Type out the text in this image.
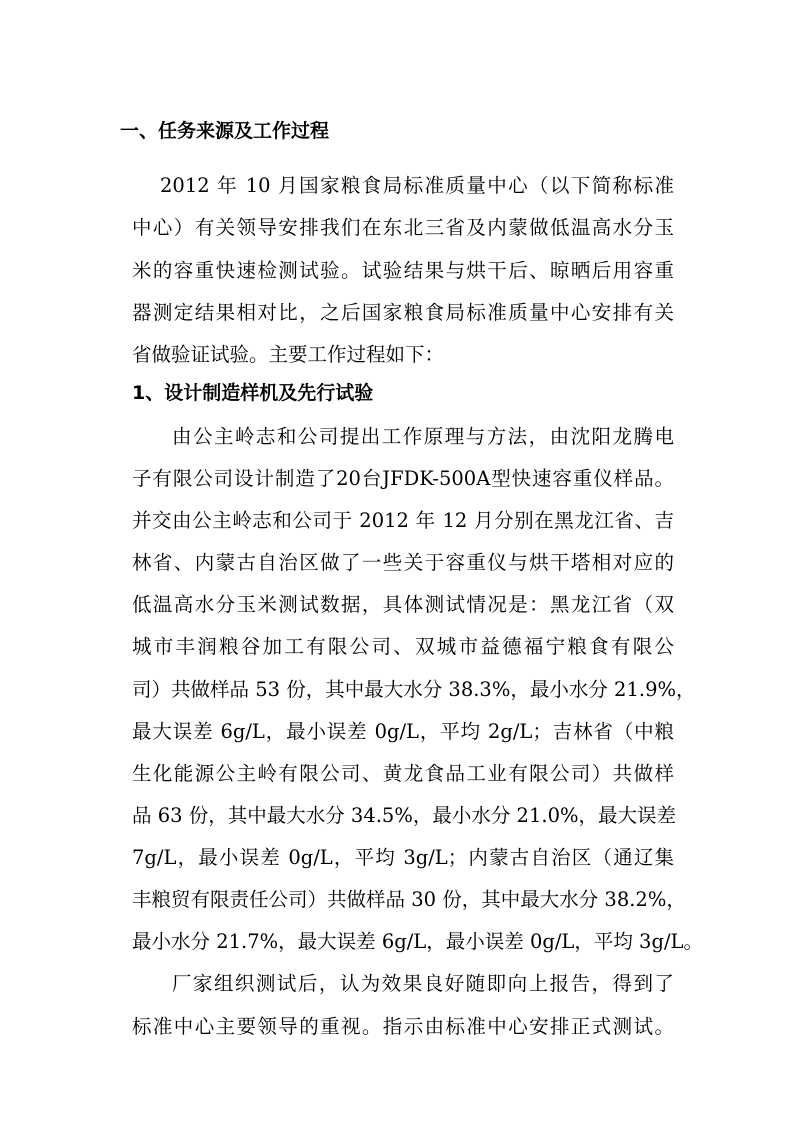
一、任务来源及工作过程

2012 年 10 月国家粮食局标准质量中心（以下简称标准

中心）有关领导安排我们在东北三省及内蒙做低温高水分玉

米的容重快速检测试验。试验结果与烘干后、晾晒后用容重

器测定结果相对比，之后国家粮食局标准质量中心安排有关

省做验证试验。主要工作过程如下：

1、设计制造样机及先行试验

由公主岭志和公司提出工作原理与方法，由沈阳龙腾电

子有限公司设计制造了20台JFDK-500A型快速容重仪样品。

并交由公主岭志和公司于 2012 年 12 月分别在黑龙江省、吉

林省、内蒙古自治区做了一些关于容重仪与烘干塔相对应的

低温高水分玉米测试数据，具体测试情况是：黑龙江省（双

城市丰润粮谷加工有限公司、双城市益德福宁粮食有限公

司）共做样品 53 份，其中最大水分 38.3%，最小水分 21.9%，

最大误差 6g/L，最小误差 0g/L，平均 2g/L；吉林省（中粮

生化能源公主岭有限公司、黄龙食品工业有限公司）共做样

品 63 份，其中最大水分 34.5%，最小水分 21.0%，最大误差

7g/L，最小误差 0g/L，平均 3g/L；内蒙古自治区（通辽集

丰粮贸有限责任公司）共做样品 30 份，其中最大水分 38.2%，

最小水分 21.7%，最大误差 6g/L，最小误差 0g/L，平均 3g/L。

厂家组织测试后，认为效果良好随即向上报告，得到了

标准中心主要领导的重视。指示由标准中心安排正式测试。
